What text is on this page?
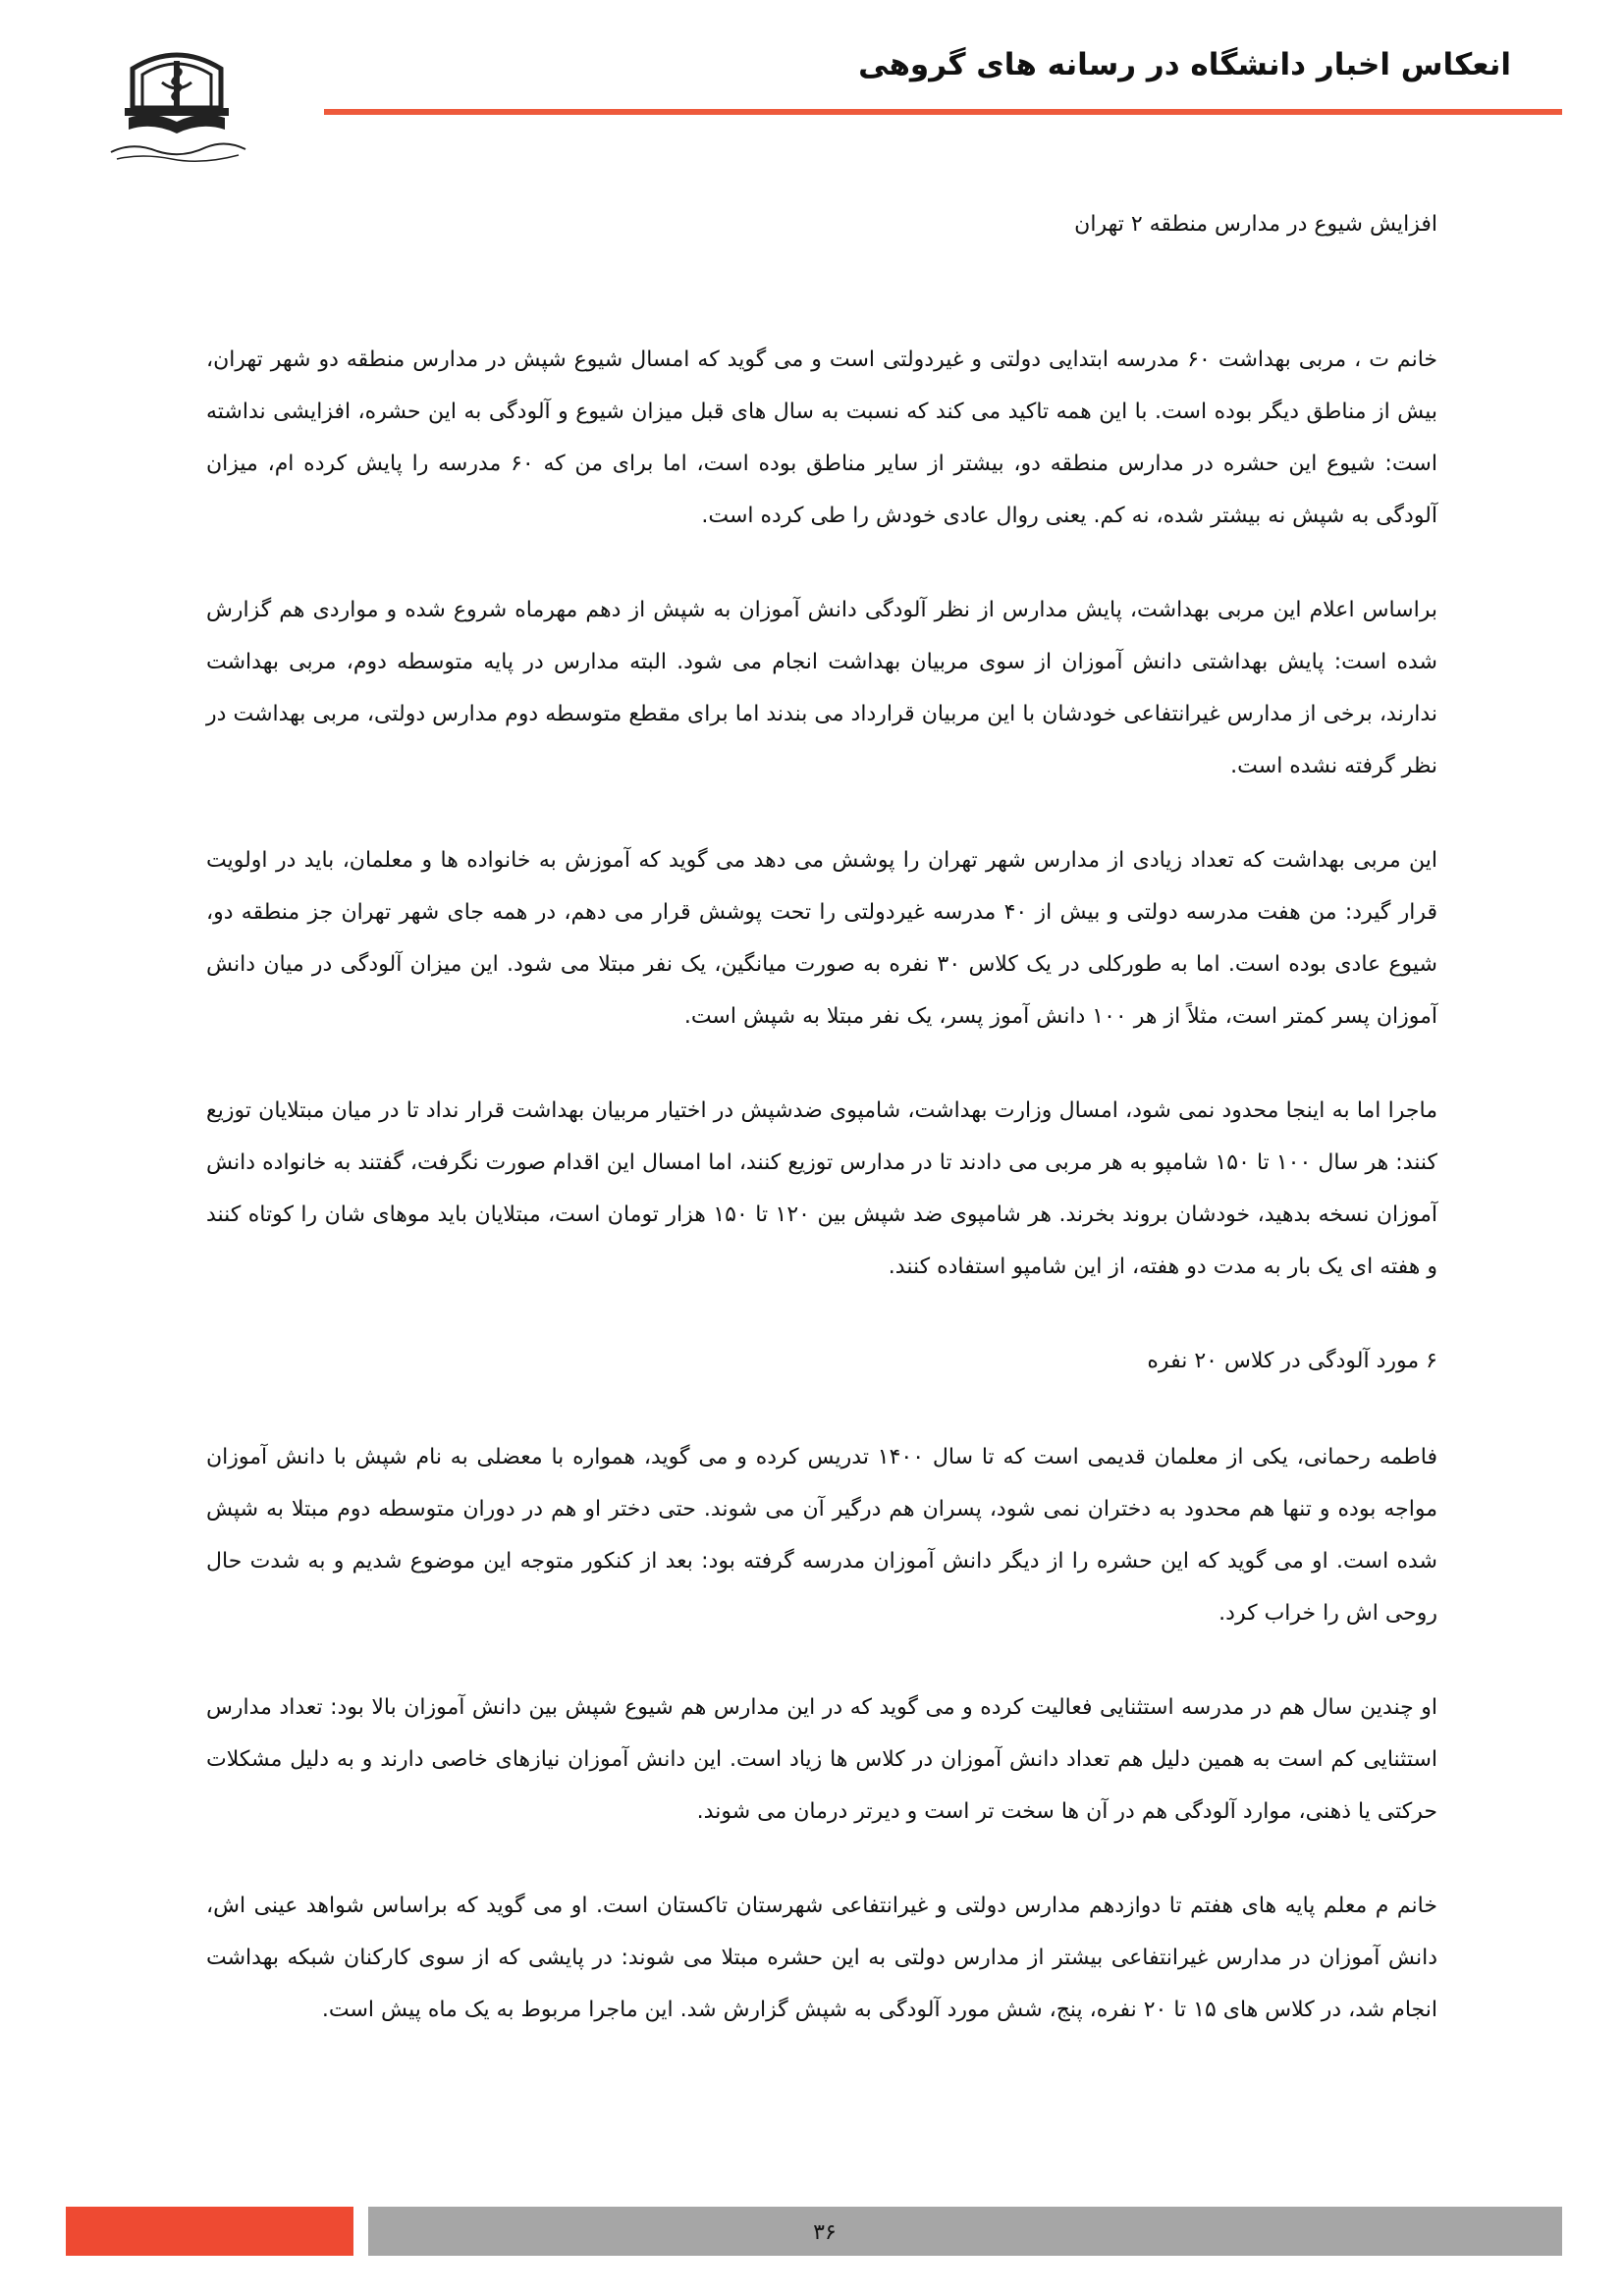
انعکاس اخبار دانشگاه در رسانه های گروهی

افزایش شیوع در مدارس منطقه ۲ تهران

خانم ت ، مربی بهداشت ۶۰ مدرسه ابتدایی دولتی و غیردولتی است و می گوید که امسال شیوع شپش در مدارس منطقه دو شهر تهران، بیش از مناطق دیگر بوده است. با این همه تاکید می کند که نسبت به سال های قبل میزان شیوع و آلودگی به این حشره، افزایشی نداشته است: شیوع این حشره در مدارس منطقه دو، بیشتر از سایر مناطق بوده است، اما برای من که ۶۰ مدرسه را پایش کرده ام، میزان آلودگی به شپش نه بیشتر شده، نه کم. یعنی روال عادی خودش را طی کرده است.

براساس اعلام این مربی بهداشت، پایش مدارس از نظر آلودگی دانش آموزان به شپش از دهم مهرماه شروع شده و مواردی هم گزارش شده است: پایش بهداشتی دانش آموزان از سوی مربیان بهداشت انجام می شود. البته مدارس در پایه متوسطه دوم، مربی بهداشت ندارند، برخی از مدارس غیرانتفاعی خودشان با این مربیان قرارداد می بندند اما برای مقطع متوسطه دوم مدارس دولتی، مربی بهداشت در نظر گرفته نشده است.

این مربی بهداشت که تعداد زیادی از مدارس شهر تهران را پوشش می دهد می گوید که آموزش به خانواده ها و معلمان، باید در اولویت قرار گیرد: من هفت مدرسه دولتی و بیش از ۴۰ مدرسه غیردولتی را تحت پوشش قرار می دهم، در همه جای شهر تهران جز منطقه دو، شیوع عادی بوده است. اما به طورکلی در یک کلاس ۳۰ نفره به صورت میانگین، یک نفر مبتلا می شود. این میزان آلودگی در میان دانش آموزان پسر کمتر است، مثلاً از هر ۱۰۰ دانش آموز پسر، یک نفر مبتلا به شپش است.

ماجرا اما به اینجا محدود نمی شود، امسال وزارت بهداشت، شامپوی ضدشپش در اختیار مربیان بهداشت قرار نداد تا در میان مبتلایان توزیع کنند: هر سال ۱۰۰ تا ۱۵۰ شامپو به هر مربی می دادند تا در مدارس توزیع کنند، اما امسال این اقدام صورت نگرفت، گفتند به خانواده دانش آموزان نسخه بدهید، خودشان بروند بخرند. هر شامپوی ضد شپش بین ۱۲۰ تا ۱۵۰ هزار تومان است، مبتلایان باید موهای شان را کوتاه کنند و هفته ای یک بار به مدت دو هفته، از این شامپو استفاده کنند.

۶ مورد آلودگی در کلاس ۲۰ نفره

فاطمه رحمانی، یکی از معلمان قدیمی است که تا سال ۱۴۰۰ تدریس کرده و می گوید، همواره با معضلی به نام شپش با دانش آموزان مواجه بوده و تنها هم محدود به دختران نمی شود، پسران هم درگیر آن می شوند. حتی دختر او هم در دوران متوسطه دوم مبتلا به شپش شده است. او می گوید که این حشره را از دیگر دانش آموزان مدرسه گرفته بود: بعد از کنکور متوجه این موضوع شدیم و به شدت حال روحی اش را خراب کرد.

او چندین سال هم در مدرسه استثنایی فعالیت کرده و می گوید که در این مدارس هم شیوع شپش بین دانش آموزان بالا بود: تعداد مدارس استثنایی کم است به همین دلیل هم تعداد دانش آموزان در کلاس ها زیاد است. این دانش آموزان نیازهای خاصی دارند و به دلیل مشکلات حرکتی یا ذهنی، موارد آلودگی هم در آن ها سخت تر است و دیرتر درمان می شوند.

خانم م معلم پایه های هفتم تا دوازدهم مدارس دولتی و غیرانتفاعی شهرستان تاکستان است. او می گوید که براساس شواهد عینی اش، دانش آموزان در مدارس غیرانتفاعی بیشتر از مدارس دولتی به این حشره مبتلا می شوند: در پایشی که از سوی کارکنان شبکه بهداشت انجام شد، در کلاس های ۱۵ تا ۲۰ نفره، پنج، شش مورد آلودگی به شپش گزارش شد. این ماجرا مربوط به یک ماه پیش است.

۳۶
